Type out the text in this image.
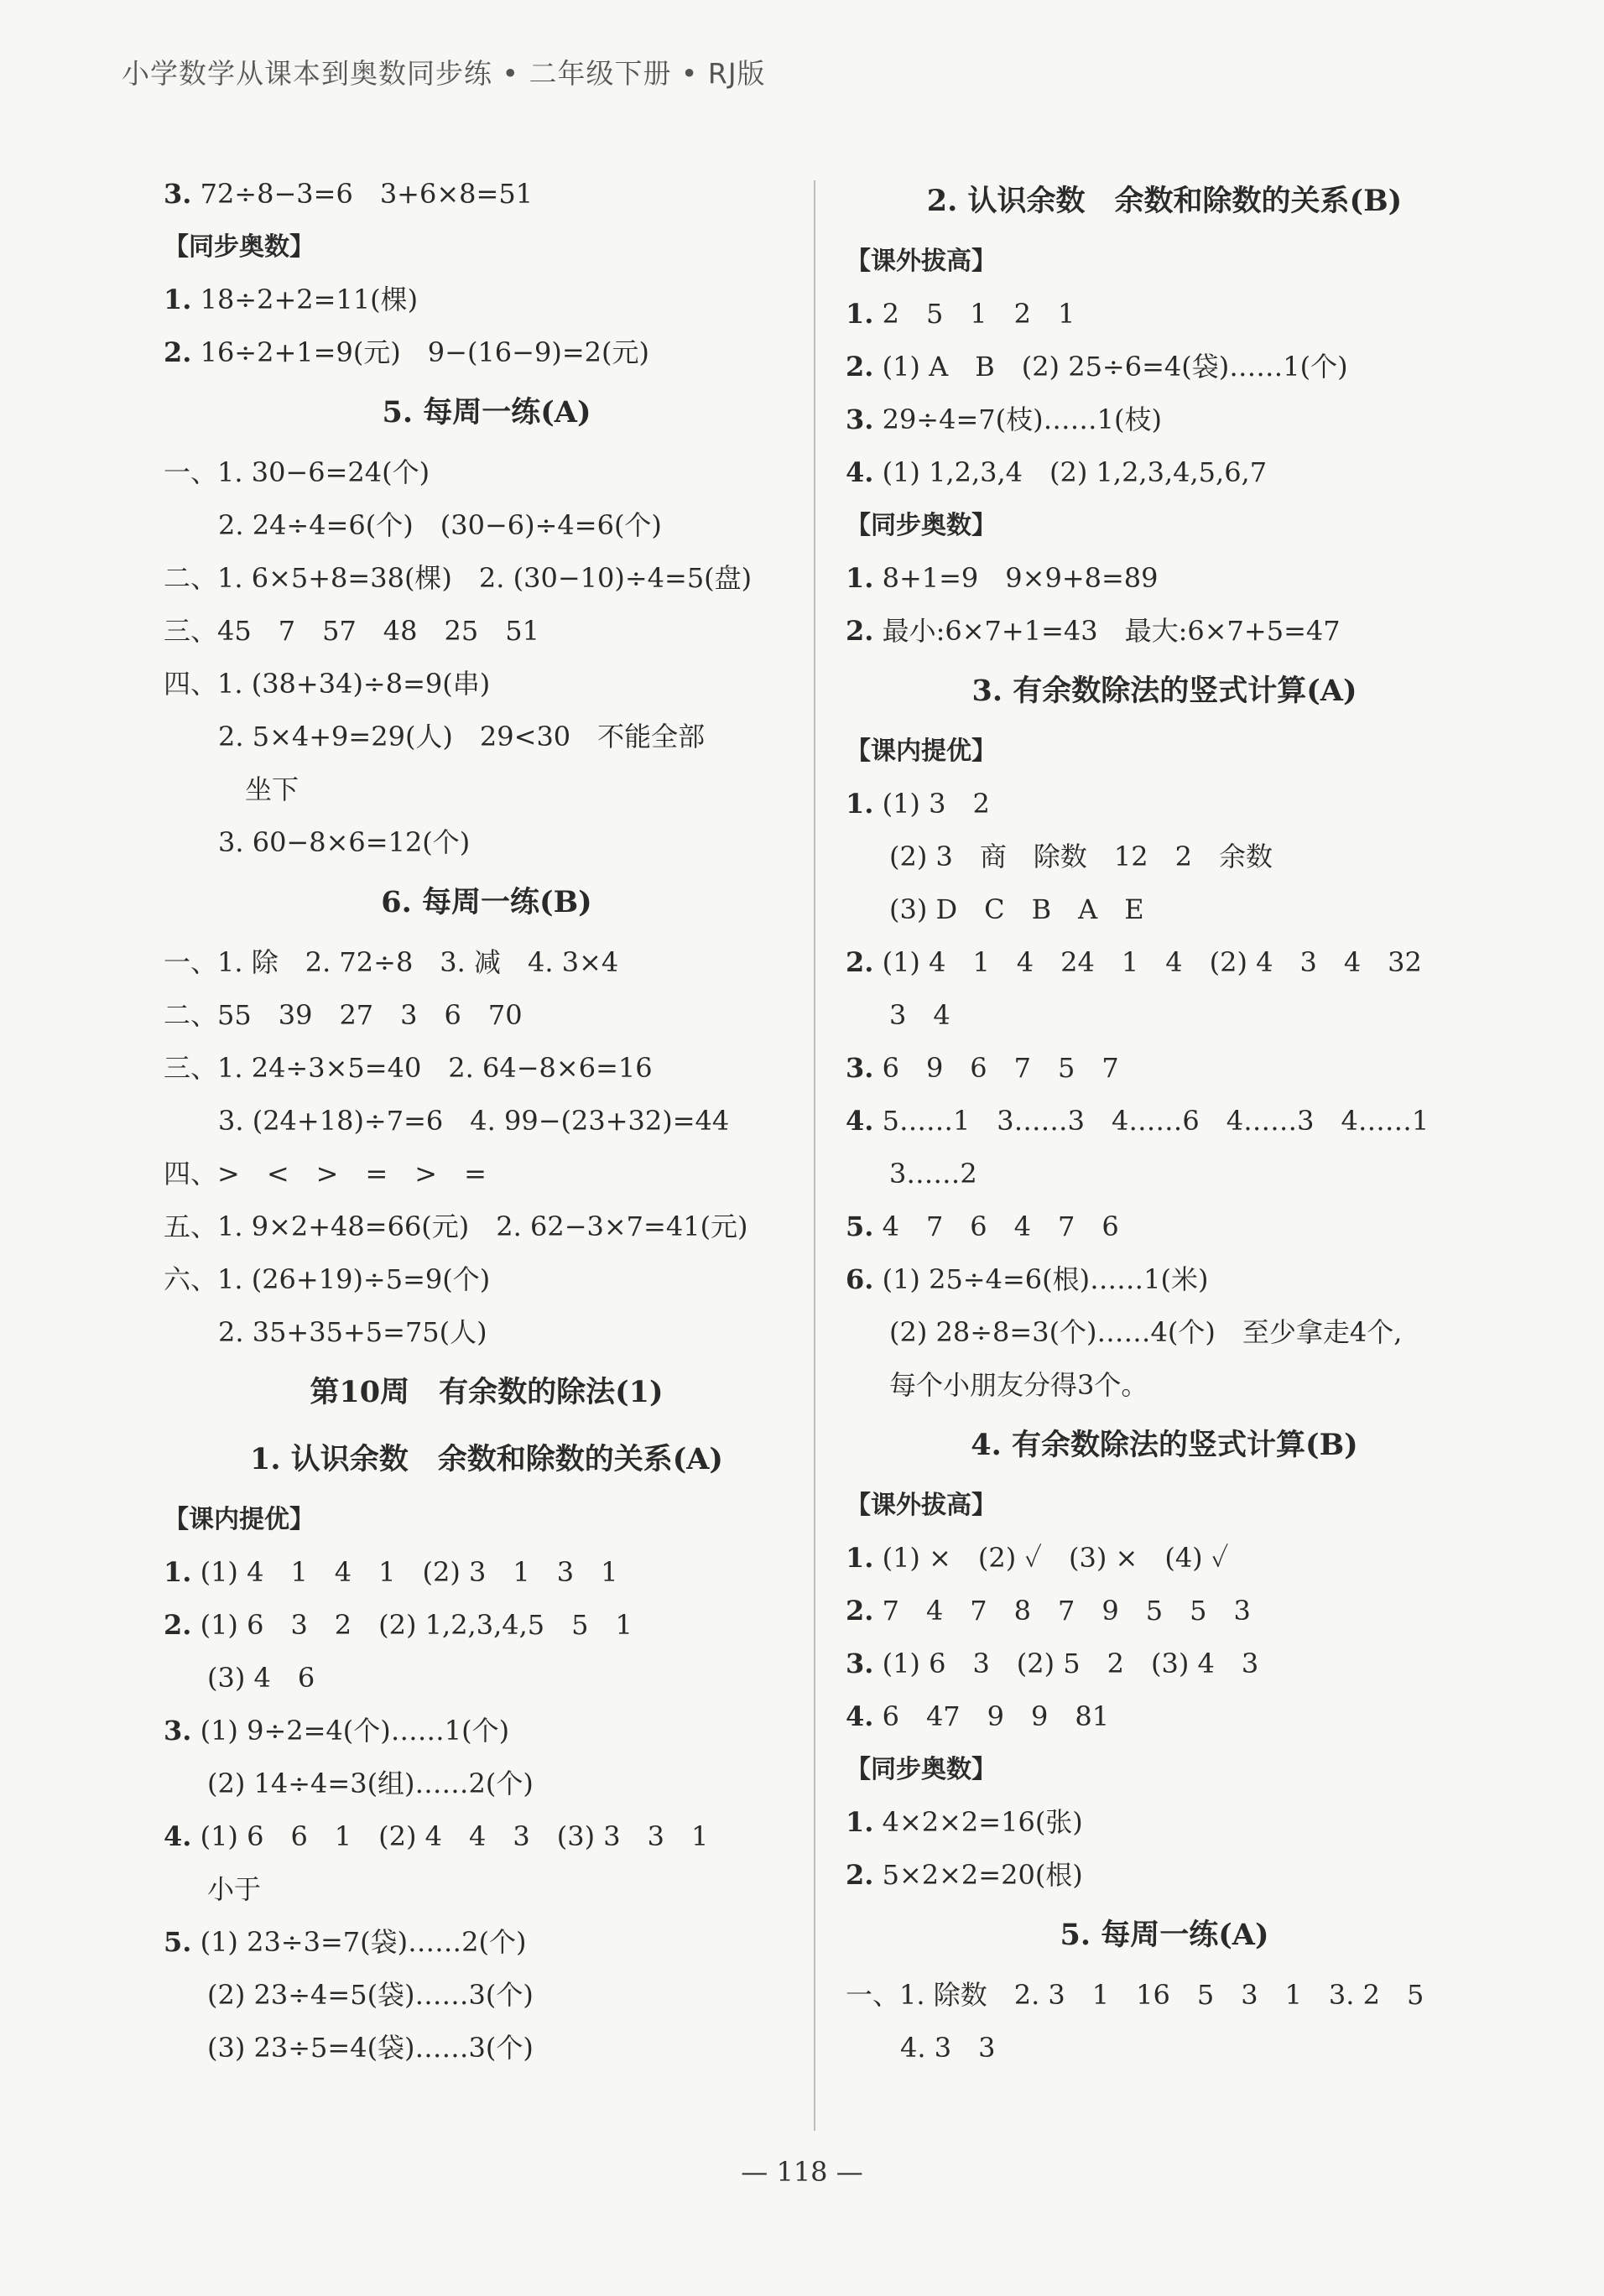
小学数学从课本到奥数同步练 • 二年级下册 • RJ版
3. 72÷8−3=6　3+6×8=51
【同步奥数】
1. 18÷2+2=11(棵)
2. 16÷2+1=9(元)　9−(16−9)=2(元)
5. 每周一练(A)
一、1. 30−6=24(个)
2. 24÷4=6(个)　(30−6)÷4=6(个)
二、1. 6×5+8=38(棵)　2. (30−10)÷4=5(盘)
三、45　7　57　48　25　51
四、1. (38+34)÷8=9(串)
2. 5×4+9=29(人)　29<30　不能全部
　坐下
3. 60−8×6=12(个)
6. 每周一练(B)
一、1. 除　2. 72÷8　3. 减　4. 3×4
二、55　39　27　3　6　70
三、1. 24÷3×5=40　2. 64−8×6=16
3. (24+18)÷7=6　4. 99−(23+32)=44
四、>　<　>　=　>　=
五、1. 9×2+48=66(元)　2. 62−3×7=41(元)
六、1. (26+19)÷5=9(个)
2. 35+35+5=75(人)
第10周　有余数的除法(1)
1. 认识余数　余数和除数的关系(A)
【课内提优】
1. (1) 4　1　4　1　(2) 3　1　3　1
2. (1) 6　3　2　(2) 1,2,3,4,5　5　1
(3) 4　6
3. (1) 9÷2=4(个)……1(个)
(2) 14÷4=3(组)……2(个)
4. (1) 6　6　1　(2) 4　4　3　(3) 3　3　1
小于
5. (1) 23÷3=7(袋)……2(个)
(2) 23÷4=5(袋)……3(个)
(3) 23÷5=4(袋)……3(个)
2. 认识余数　余数和除数的关系(B)
【课外拔高】
1. 2　5　1　2　1
2. (1) A　B　(2) 25÷6=4(袋)……1(个)
3. 29÷4=7(枝)……1(枝)
4. (1) 1,2,3,4　(2) 1,2,3,4,5,6,7
【同步奥数】
1. 8+1=9　9×9+8=89
2. 最小:6×7+1=43　最大:6×7+5=47
3. 有余数除法的竖式计算(A)
【课内提优】
1. (1) 3　2
(2) 3　商　除数　12　2　余数
(3) D　C　B　A　E
2. (1) 4　1　4　24　1　4　(2) 4　3　4　32
3　4
3. 6　9　6　7　5　7
4. 5……1　3……3　4……6　4……3　4……1
3……2
5. 4　7　6　4　7　6
6. (1) 25÷4=6(根)……1(米)
(2) 28÷8=3(个)……4(个)　至少拿走4个,
每个小朋友分得3个。
4. 有余数除法的竖式计算(B)
【课外拔高】
1. (1) ×　(2) ✓　(3) ×　(4) ✓
2. 7　4　7　8　7　9　5　5　3
3. (1) 6　3　(2) 5　2　(3) 4　3
4. 6　47　9　9　81
【同步奥数】
1. 4×2×2=16(张)
2. 5×2×2=20(根)
5. 每周一练(A)
一、1. 除数　2. 3　1　16　5　3　1　3. 2　5
4. 3　3
— 118 —
